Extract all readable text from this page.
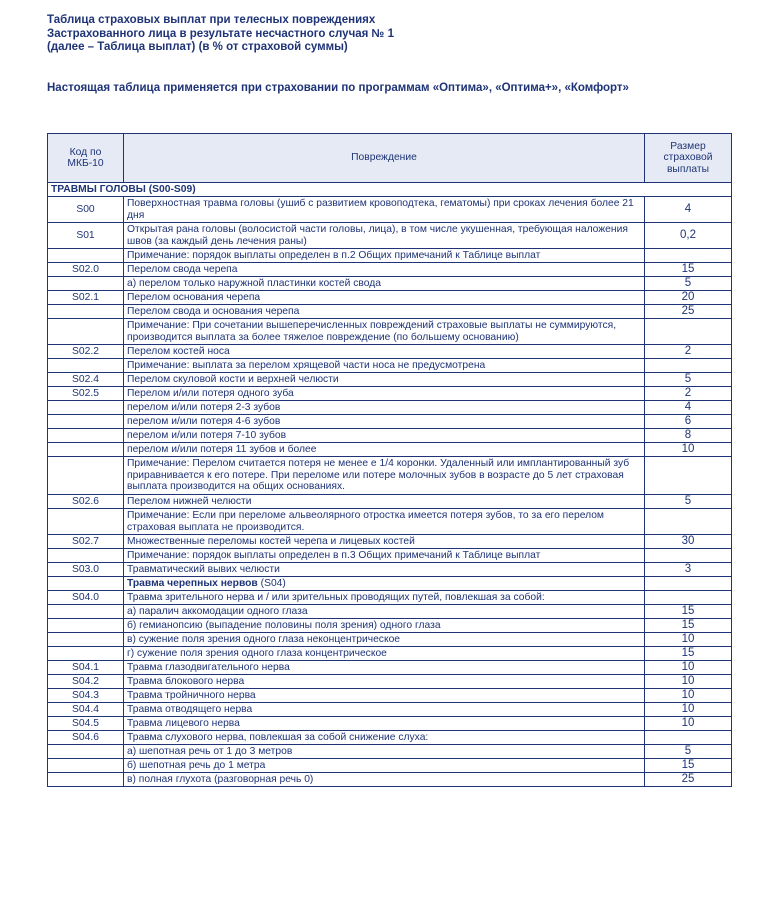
Таблица страховых выплат при телесных повреждениях
Застрахованного лица в результате несчастного случая № 1
(далее – Таблица выплат) (в % от страховой суммы)
Настоящая таблица применяется при страховании по программам «Оптима», «Оптима+», «Комфорт»
Код по МКБ-10	Повреждение	Размер страховой выплаты
ТРАВМЫ ГОЛОВЫ (S00-S09)		
S00	Поверхностная травма головы (ушиб с развитием кровоподтека, гематомы) при сроках лечения более 21 дня	4
S01	Открытая рана головы (волосистой части головы, лица), в том числе укушенная, требующая наложения швов (за каждый день лечения раны)	0,2
	Примечание: порядок выплаты определен в п.2 Общих примечаний к Таблице выплат	
S02.0	Перелом свода черепа	15
	а) перелом только наружной пластинки костей свода	5
S02.1	Перелом основания черепа	20
	Перелом свода и основания черепа	25
	Примечание: При сочетании вышеперечисленных повреждений страховые выплаты не суммируются, производится выплата за более тяжелое повреждение (по большему основанию)	
S02.2	Перелом костей носа	2
	Примечание: выплата за перелом хрящевой части носа не предусмотрена	
S02.4	Перелом скуловой кости и верхней челюсти	5
S02.5	Перелом и/или потеря одного зуба	2
	перелом и/или потеря 2-3 зубов	4
	перелом и/или потеря 4-6 зубов	6
	перелом и/или потеря 7-10 зубов	8
	перелом и/или потеря 11 зубов и более	10
	Примечание: Перелом считается потеря не менее е 1/4 коронки. Удаленный или имплантированный зуб приравнивается к его потере. При переломе или потере молочных зубов в возрасте до 5 лет страховая выплата производится на общих основаниях.	
S02.6	Перелом нижней челюсти	5
	Примечание: Если при переломе альвеолярного отростка имеется потеря зубов, то за его перелом страховая выплата не производится.	
S02.7	Множественные переломы костей черепа и лицевых костей	30
	Примечание: порядок выплаты определен в п.3 Общих примечаний к Таблице выплат	
S03.0	Травматический вывих челюсти	3
	Травма черепных нервов (S04)	
S04.0	Травма зрительного нерва и / или зрительных проводящих путей, повлекшая за собой:	
	а) паралич аккомодации одного глаза	15
	б) гемианопсию (выпадение половины поля зрения) одного глаза	15
	в) сужение поля зрения одного глаза неконцентрическое	10
	г) сужение поля зрения одного глаза концентрическое	15
S04.1	Травма глазодвигательного нерва	10
S04.2	Травма блокового нерва	10
S04.3	Травма тройничного нерва	10
S04.4	Травма отводящего нерва	10
S04.5	Травма лицевого нерва	10
S04.6	Травма слухового нерва, повлекшая за собой снижение слуха:	
	а) шепотная речь от 1 до 3 метров	5
	б) шепотная речь до 1 метра	15
	в) полная глухота (разговорная речь 0)	25
